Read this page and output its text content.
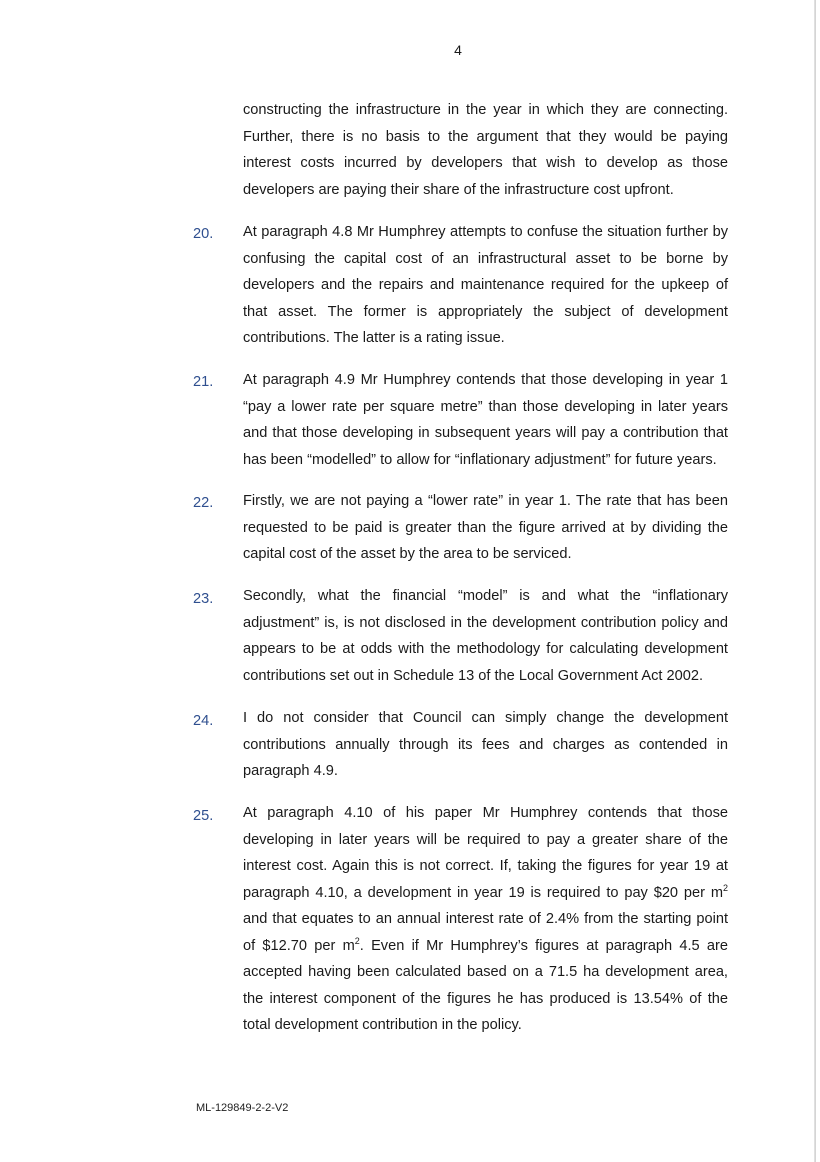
4

constructing the infrastructure in the year in which they are connecting. Further, there is no basis to the argument that they would be paying interest costs incurred by developers that wish to develop as those developers are paying their share of the infrastructure cost upfront.

20. At paragraph 4.8 Mr Humphrey attempts to confuse the situation further by confusing the capital cost of an infrastructural asset to be borne by developers and the repairs and maintenance required for the upkeep of that asset. The former is appropriately the subject of development contributions. The latter is a rating issue.

21. At paragraph 4.9 Mr Humphrey contends that those developing in year 1 “pay a lower rate per square metre” than those developing in later years and that those developing in subsequent years will pay a contribution that has been “modelled” to allow for “inflationary adjustment” for future years.

22. Firstly, we are not paying a “lower rate” in year 1. The rate that has been requested to be paid is greater than the figure arrived at by dividing the capital cost of the asset by the area to be serviced.

23. Secondly, what the financial “model” is and what the “inflationary adjustment” is, is not disclosed in the development contribution policy and appears to be at odds with the methodology for calculating development contributions set out in Schedule 13 of the Local Government Act 2002.

24. I do not consider that Council can simply change the development contributions annually through its fees and charges as contended in paragraph 4.9.

25. At paragraph 4.10 of his paper Mr Humphrey contends that those developing in later years will be required to pay a greater share of the interest cost. Again this is not correct. If, taking the figures for year 19 at paragraph 4.10, a development in year 19 is required to pay $20 per $m^2$ and that equates to an annual interest rate of 2.4% from the starting point of $12.70 per $m^2$. Even if Mr Humphrey’s figures at paragraph 4.5 are accepted having been calculated based on a 71.5 ha development area, the interest component of the figures he has produced is 13.54% of the total development contribution in the policy.

ML-129849-2-2-V2
